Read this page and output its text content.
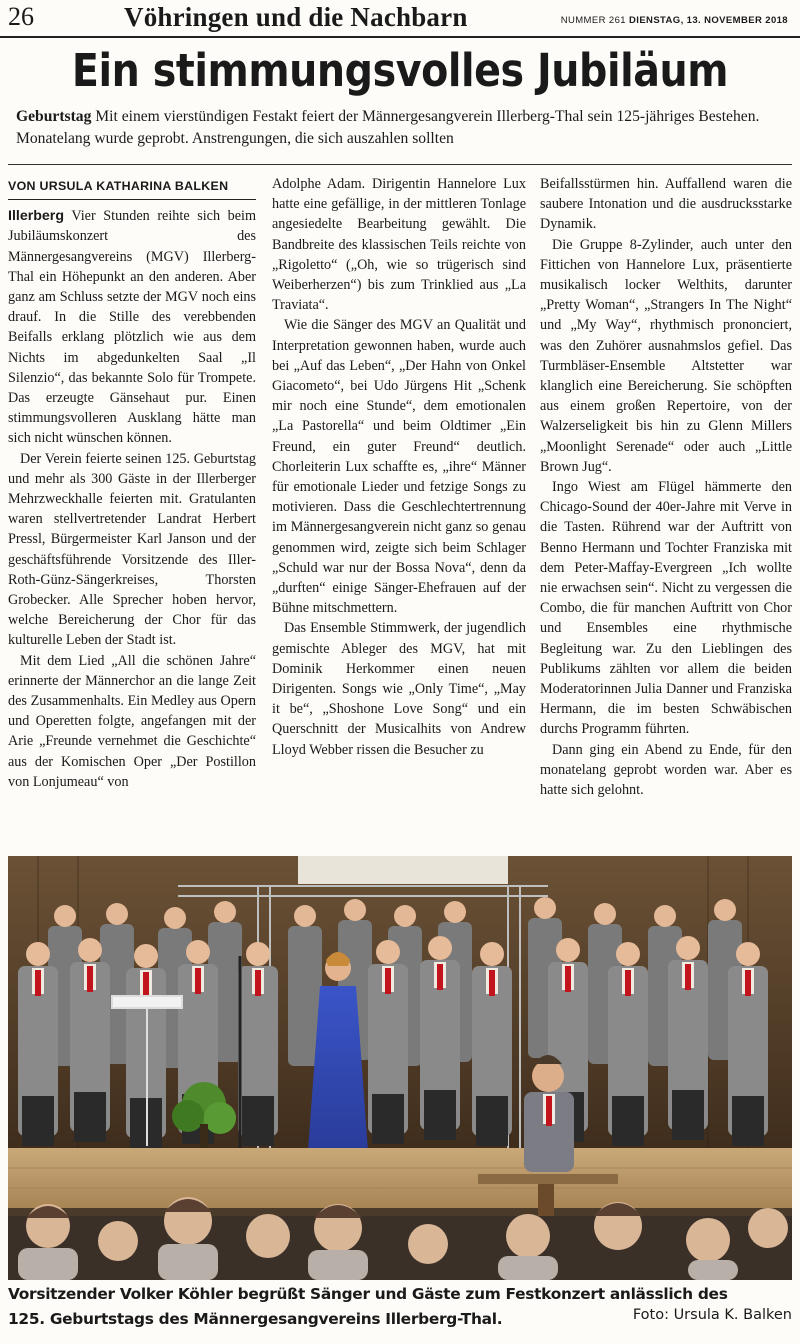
26	Vöhringen und die Nachbarn	NUMMER 261 DIENSTAG, 13. NOVEMBER 2018
Ein stimmungsvolles Jubiläum
Geburtstag Mit einem vierstündigen Festakt feiert der Männergesangverein Illerberg-Thal sein 125-jähriges Bestehen. Monatelang wurde geprobt. Anstrengungen, die sich auszahlen sollten
VON URSULA KATHARINA BALKEN

Illerberg Vier Stunden reihte sich beim Jubiläumskonzert des Männergesangvereins (MGV) Illerberg-Thal ein Höhepunkt an den anderen. Aber ganz am Schluss setzte der MGV noch eins drauf. In die Stille des verebbenden Beifalls erklang plötzlich wie aus dem Nichts im abgedunkelten Saal „Il Silenzio“, das bekannte Solo für Trompete. Das erzeugte Gänsehaut pur. Einen stimmungsvolleren Ausklang hätte man sich nicht wünschen können.

Der Verein feierte seinen 125. Geburtstag und mehr als 300 Gäste in der Illerberger Mehrzweckhalle feierten mit. Gratulanten waren stellvertretender Landrat Herbert Pressl, Bürgermeister Karl Janson und der geschäftsführende Vorsitzende des Iller-Roth-Günz-Sängerkreises, Thorsten Grobecker. Alle Sprecher hoben hervor, welche Bereicherung der Chor für das kulturelle Leben der Stadt ist.

Mit dem Lied „All die schönen Jahre“ erinnerte der Männerchor an die lange Zeit des Zusammenhalts. Ein Medley aus Opern und Operetten folgte, angefangen mit der Arie „Freunde vernehmet die Geschichte“ aus der Komischen Oper „Der Postillon von Lonjumeau“ von

Adolphe Adam. Dirigentin Hannelore Lux hatte eine gefällige, in der mittleren Tonlage angesiedelte Bearbeitung gewählt. Die Bandbreite des klassischen Teils reichte von „Rigoletto“ („Oh, wie so trügerisch sind Weiberherzen“) bis zum Trinklied aus „La Traviata“.

Wie die Sänger des MGV an Qualität und Interpretation gewonnen haben, wurde auch bei „Auf das Leben“, „Der Hahn von Onkel Giacometo“, bei Udo Jürgens Hit „Schenk mir noch eine Stunde“, dem emotionalen „La Pastorella“ und beim Oldtimer „Ein Freund, ein guter Freund“ deutlich. Chorleiterin Lux schaffte es, „ihre“ Männer für emotionale Lieder und fetzige Songs zu motivieren. Dass die Geschlechtertrennung im Männergesangverein nicht ganz so genau genommen wird, zeigte sich beim Schlager „Schuld war nur der Bossa Nova“, denn da „durften“ einige Sänger-Ehefrauen auf der Bühne mitschmettern.

Das Ensemble Stimmwerk, der jugendlich gemischte Ableger des MGV, hat mit Dominik Herkommer einen neuen Dirigenten. Songs wie „Only Time“, „May it be“, „Shoshone Love Song“ und ein Querschnitt der Musicalhits von Andrew Lloyd Webber rissen die Besucher zu

Beifallsstürmen hin. Auffallend waren die saubere Intonation und die ausdrucksstarke Dynamik.

Die Gruppe 8-Zylinder, auch unter den Fittichen von Hannelore Lux, präsentierte musikalisch locker Welthits, darunter „Pretty Woman“, „Strangers In The Night“ und „My Way“, rhythmisch prononciert, was den Zuhörer ausnahmslos gefiel. Das Turmbläser-Ensemble Altstetter war klanglich eine Bereicherung. Sie schöpften aus einem großen Repertoire, von der Walzerseligkeit bis hin zu Glenn Millers „Moonlight Serenade“ oder auch „Little Brown Jug“.

Ingo Wiest am Flügel hämmerte den Chicago-Sound der 40er-Jahre mit Verve in die Tasten. Rührend war der Auftritt von Benno Hermann und Tochter Franziska mit dem Peter-Maffay-Evergreen „Ich wollte nie erwachsen sein“. Nicht zu vergessen die Combo, die für manchen Auftritt von Chor und Ensembles eine rhythmische Begleitung war. Zu den Lieblingen des Publikums zählten vor allem die beiden Moderatorinnen Julia Danner und Franziska Hermann, die im besten Schwäbischen durchs Programm führten.

Dann ging ein Abend zu Ende, für den monatelang geprobt worden war. Aber es hatte sich gelohnt.

Vorsitzender Volker Köhler begrüßt Sänger und Gäste zum Festkonzert anlässlich des
125. Geburtstags des Männergesangvereins Illerberg-Thal.	Foto: Ursula K. Balken
